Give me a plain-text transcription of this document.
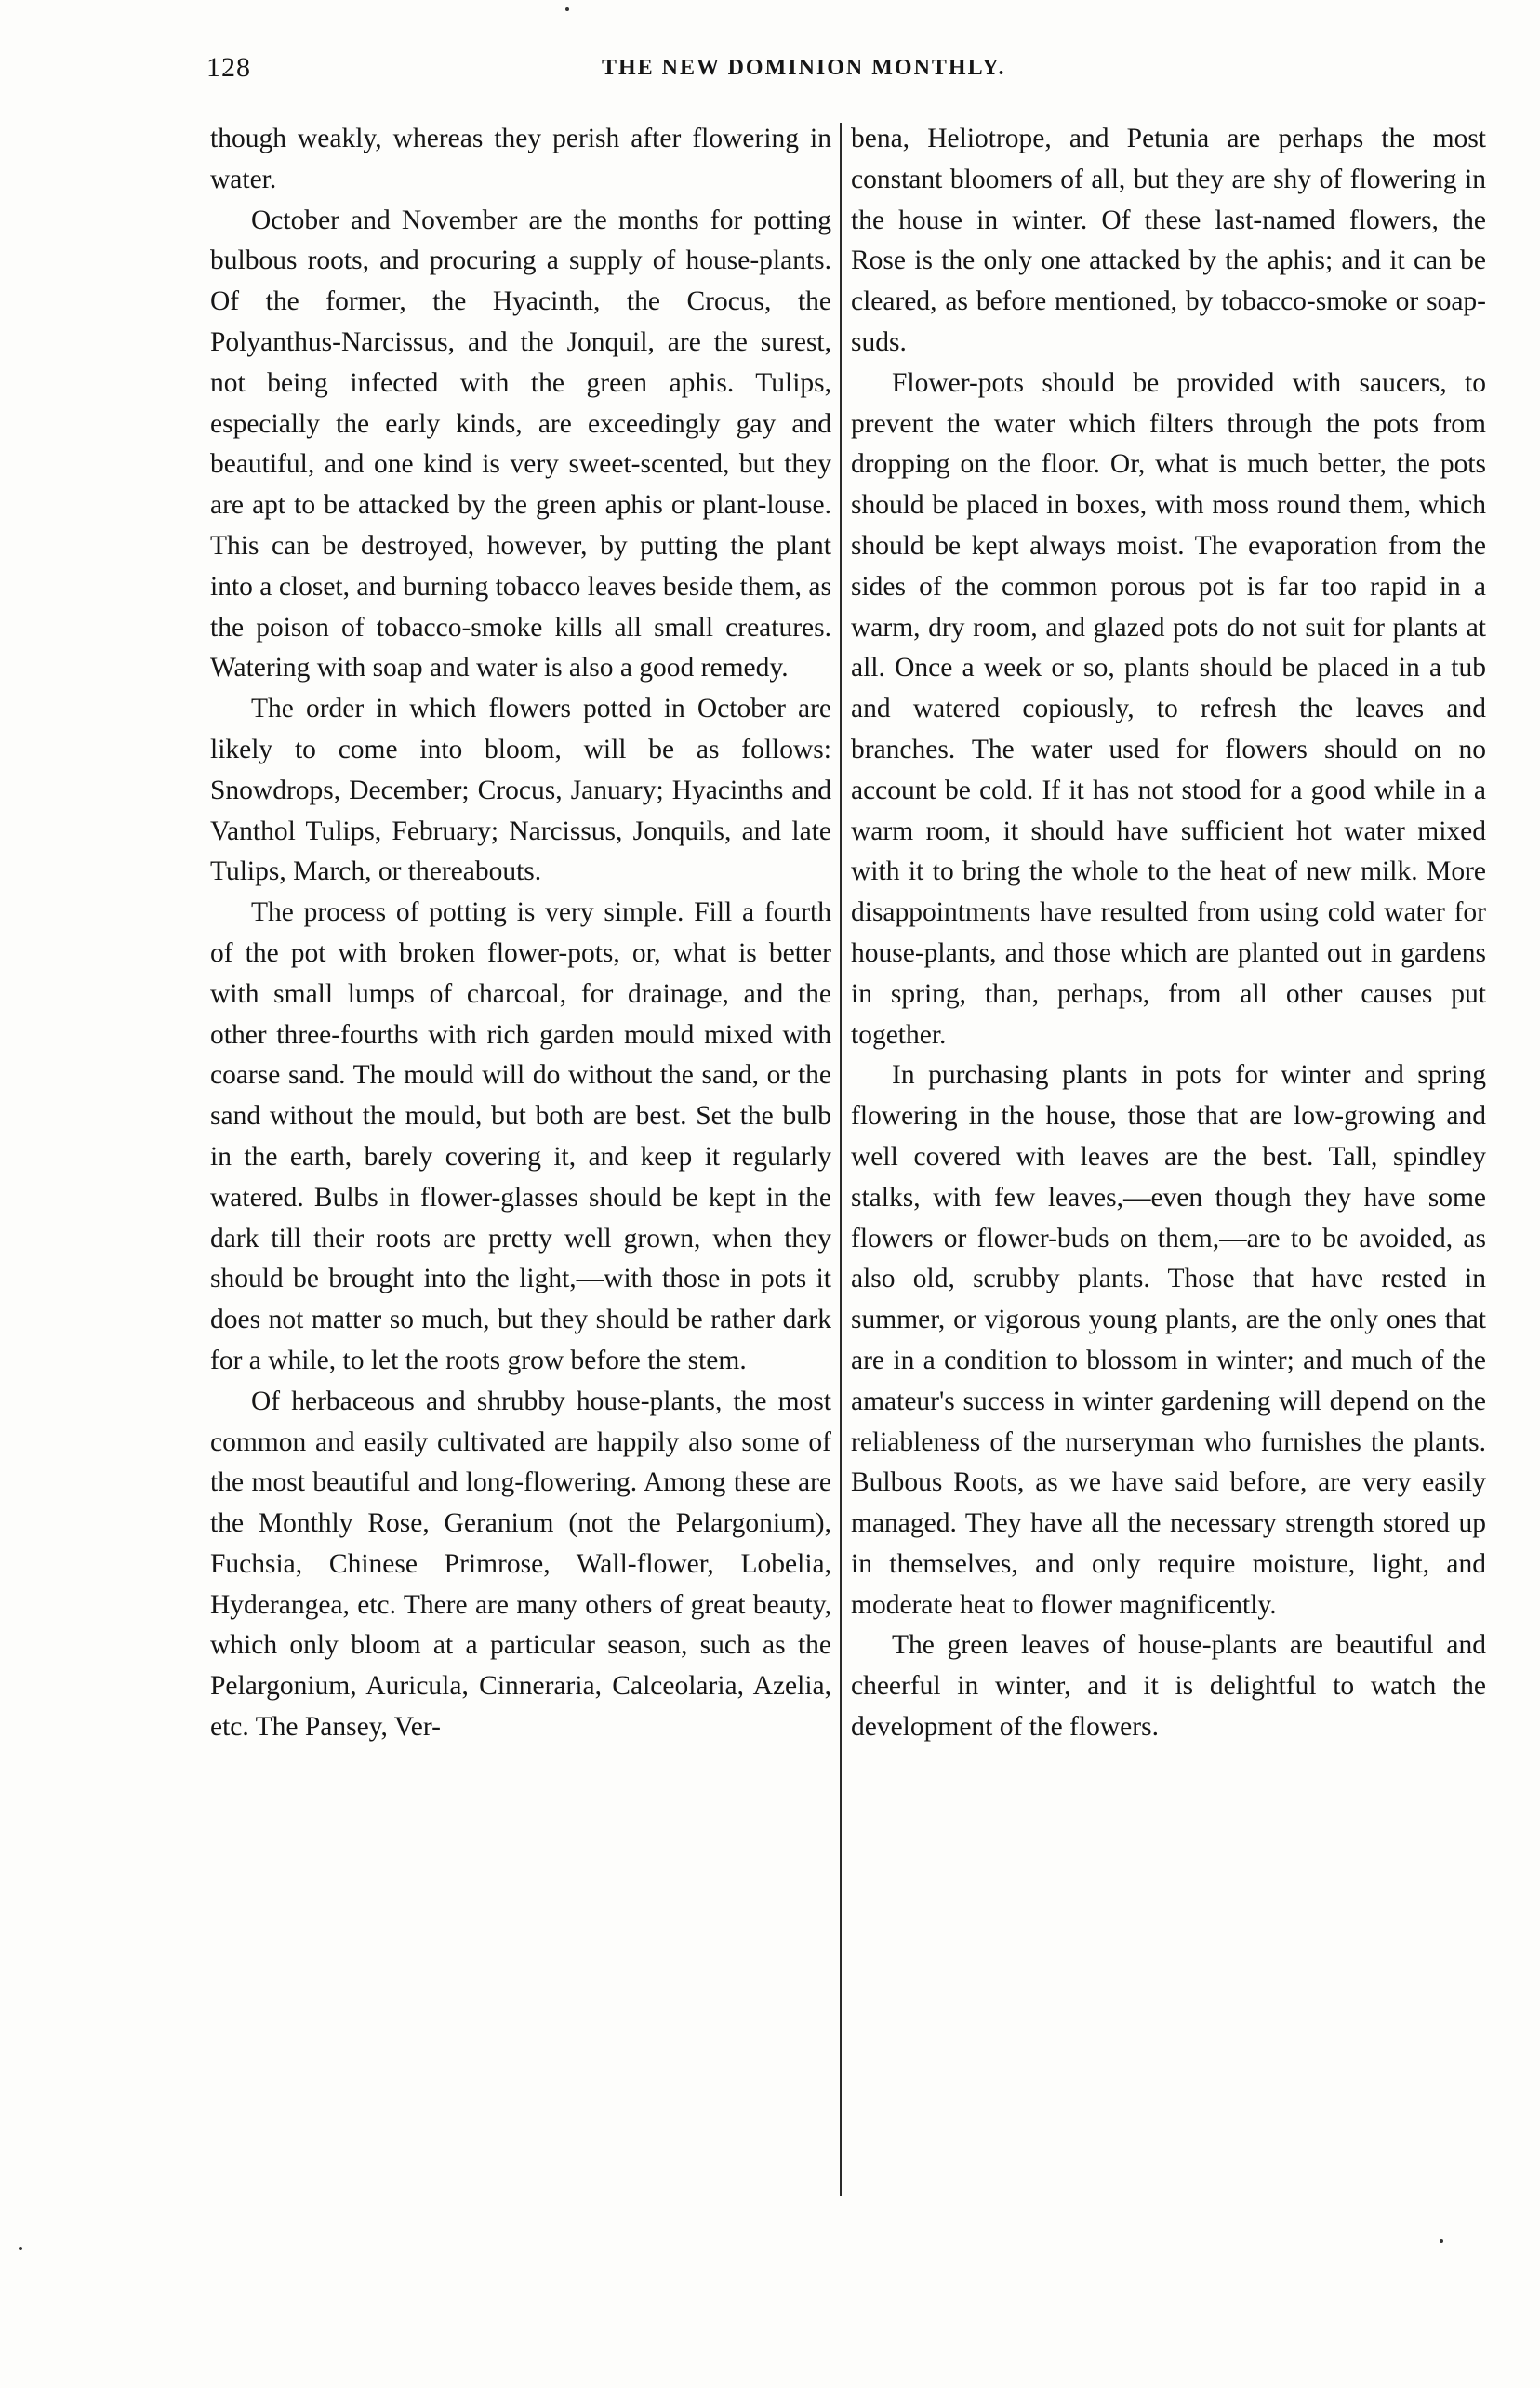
128	THE NEW DOMINION MONTHLY.

though weakly, whereas they perish after flowering in water.

October and November are the months for potting bulbous roots, and procuring a supply of house-plants. Of the former, the Hyacinth, the Crocus, the Polyanthus-Narcissus, and the Jonquil, are the surest, not being infected with the green aphis. Tulips, especially the early kinds, are exceedingly gay and beautiful, and one kind is very sweet-scented, but they are apt to be attacked by the green aphis or plant-louse. This can be destroyed, however, by putting the plant into a closet, and burning tobacco leaves beside them, as the poison of tobacco-smoke kills all small creatures. Watering with soap and water is also a good remedy.

The order in which flowers potted in October are likely to come into bloom, will be as follows: Snowdrops, December; Crocus, January; Hyacinths and Vanthol Tulips, February; Narcissus, Jonquils, and late Tulips, March, or thereabouts.

The process of potting is very simple. Fill a fourth of the pot with broken flower-pots, or, what is better with small lumps of charcoal, for drainage, and the other three-fourths with rich garden mould mixed with coarse sand. The mould will do without the sand, or the sand without the mould, but both are best. Set the bulb in the earth, barely covering it, and keep it regularly watered. Bulbs in flower-glasses should be kept in the dark till their roots are pretty well grown, when they should be brought into the light,—with those in pots it does not matter so much, but they should be rather dark for a while, to let the roots grow before the stem.

Of herbaceous and shrubby house-plants, the most common and easily cultivated are happily also some of the most beautiful and long-flowering. Among these are the Monthly Rose, Geranium (not the Pelargonium), Fuchsia, Chinese Primrose, Wall-flower, Lobelia, Hyderangea, etc. There are many others of great beauty, which only bloom at a particular season, such as the Pelargonium, Auricula, Cinneraria, Calceolaria, Azelia, etc. The Pansey, Ver-

bena, Heliotrope, and Petunia are perhaps the most constant bloomers of all, but they are shy of flowering in the house in winter. Of these last-named flowers, the Rose is the only one attacked by the aphis; and it can be cleared, as before mentioned, by tobacco-smoke or soap-suds.

Flower-pots should be provided with saucers, to prevent the water which filters through the pots from dropping on the floor. Or, what is much better, the pots should be placed in boxes, with moss round them, which should be kept always moist. The evaporation from the sides of the common porous pot is far too rapid in a warm, dry room, and glazed pots do not suit for plants at all. Once a week or so, plants should be placed in a tub and watered copiously, to refresh the leaves and branches. The water used for flowers should on no account be cold. If it has not stood for a good while in a warm room, it should have sufficient hot water mixed with it to bring the whole to the heat of new milk. More disappointments have resulted from using cold water for house-plants, and those which are planted out in gardens in spring, than, perhaps, from all other causes put together.

In purchasing plants in pots for winter and spring flowering in the house, those that are low-growing and well covered with leaves are the best. Tall, spindley stalks, with few leaves,—even though they have some flowers or flower-buds on them,—are to be avoided, as also old, scrubby plants. Those that have rested in summer, or vigorous young plants, are the only ones that are in a condition to blossom in winter; and much of the amateur's success in winter gardening will depend on the reliableness of the nurseryman who furnishes the plants. Bulbous Roots, as we have said before, are very easily managed. They have all the necessary strength stored up in themselves, and only require moisture, light, and moderate heat to flower magnificently.

The green leaves of house-plants are beautiful and cheerful in winter, and it is delightful to watch the development of the flowers.
